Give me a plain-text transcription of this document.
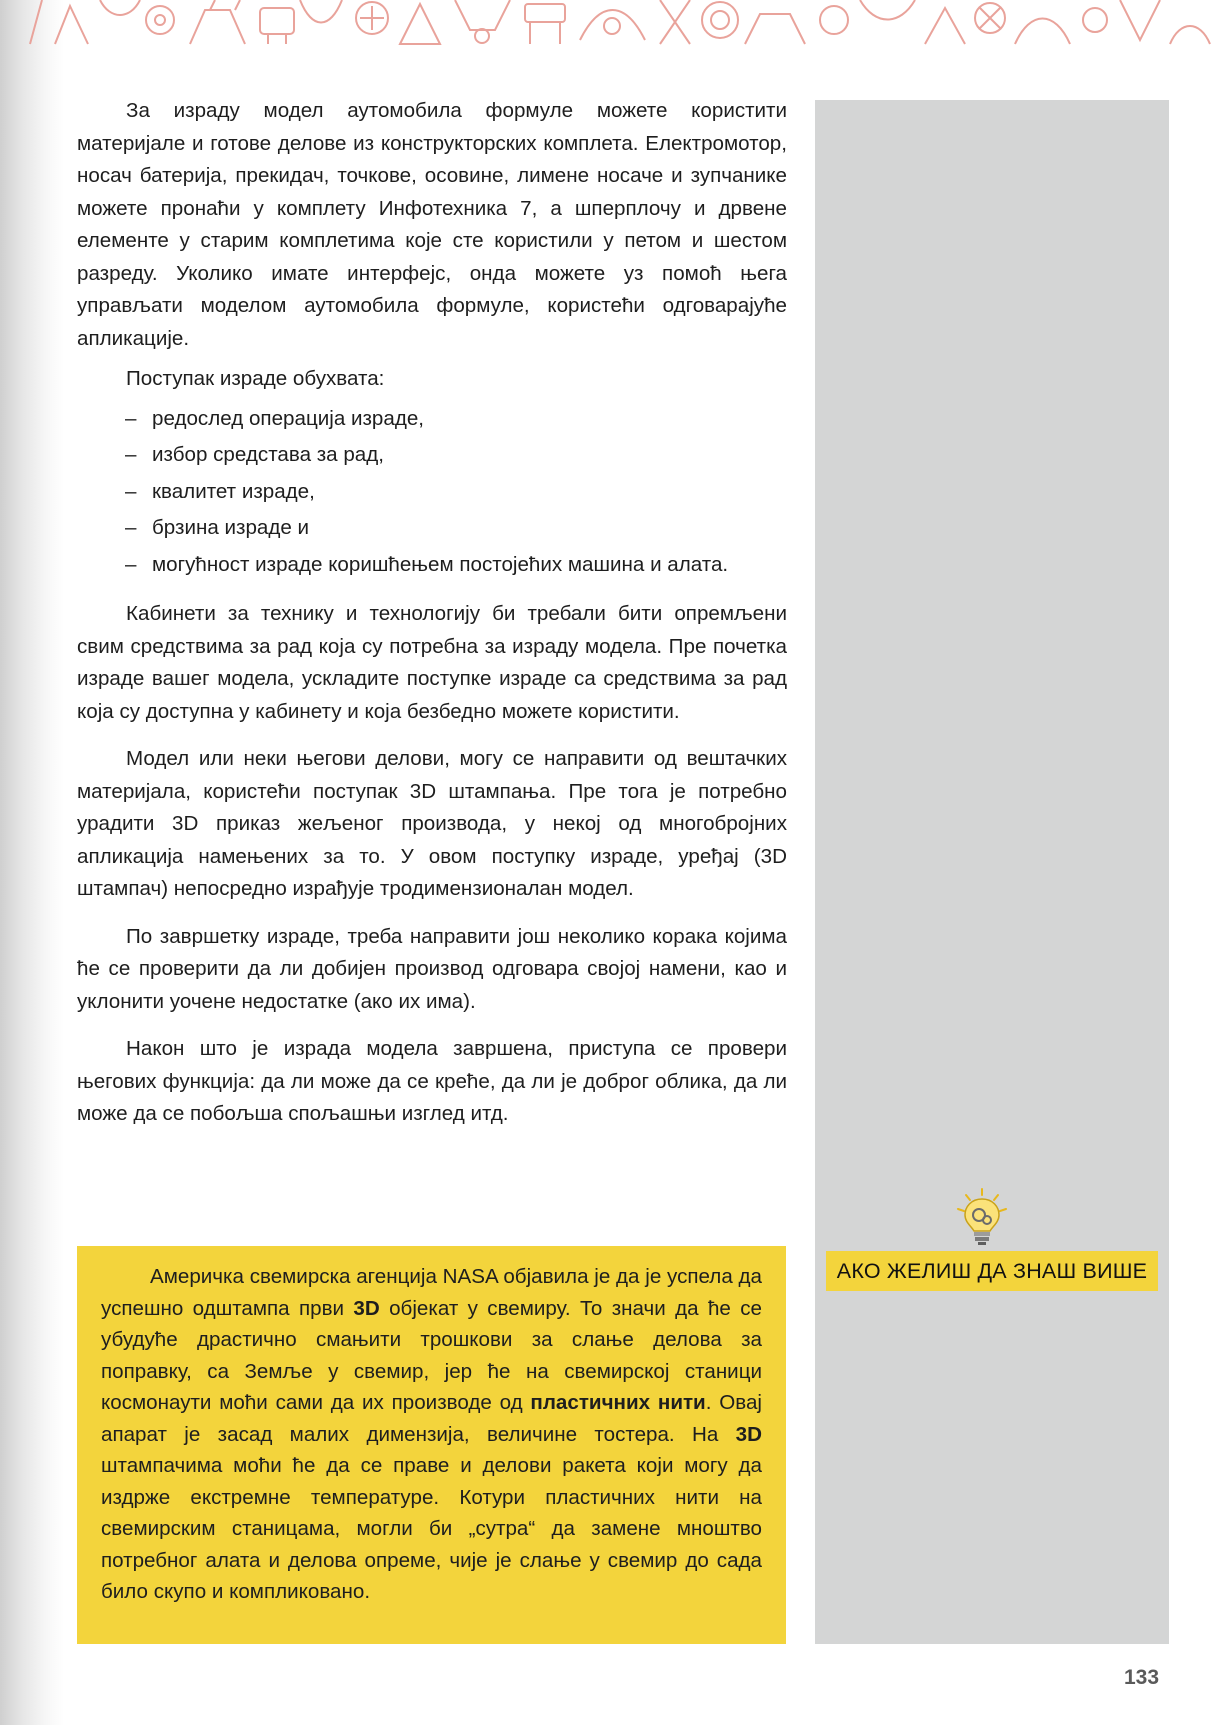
За израду модел аутомобила формуле можете користити материјале и готове делове из конструкторских комплета. Електромотор, носач батерија, прекидач, точкове, осовине, лимене носаче и зупчанике можете пронаћи у комплету Инфотехника 7, а шперплочу и дрвене елементе у старим комплетима које сте користили у петом и шестом разреду. Уколико имате интерфејс, онда можете уз помоћ њега управљати моделом аутомобила формуле, користећи одговарајуће апликације.

Поступак израде обухвата:

– редослед операција израде,
– избор средстава за рад,
– квалитет израде,
– брзина израде и
– могућност израде коришћењем постојећих машина и алата.

Кабинети за технику и технологију би требали бити опремљени свим средствима за рад која су потребна за израду модела. Пре почетка израде вашег модела, ускладите поступке израде са средствима за рад која су доступна у кабинету и која безбедно можете користити.

Модел или неки његови делови, могу се направити од вештачких материјала, користећи поступак 3D штампања. Пре тога је потребно урадити 3D приказ жељеног производа, у некој од многобројних апликација намењених за то. У овом поступку израде, уређај (3D штампач) непосредно израђује тродимензионалан модел.

По завршетку израде, треба направити још неколико корака којима ће се проверити да ли добијен производ одговара својој намени, као и уклонити уочене недостатке (ако их има).

Након што је израда модела завршена, приступа се провери његових функција: да ли може да се креће, да ли је доброг облика, да ли може да се побољша спољашњи изглед итд.

АКО ЖЕЛИШ ДА ЗНАШ ВИШЕ

Америчка свемирска агенција NASA објавила је да је успела да успешно одштампа први 3D објекат у свемиру. То значи да ће се убудуће драстично смањити трошкови за слање делова за поправку, са Земље у свемир, јер ће на свемирској станици космонаути моћи сами да их производе од пластичних нити. Овај апарат је засад малих димензија, величине тостера. На 3D штампачима моћи ће да се праве и делови ракета који могу да издрже екстремне температуре. Котури пластичних нити на свемирским станицама, могли би „сутра“ да замене мноштво потребног алата и делова опреме, чије је слање у свемир до сада било скупо и компликовано.

133
